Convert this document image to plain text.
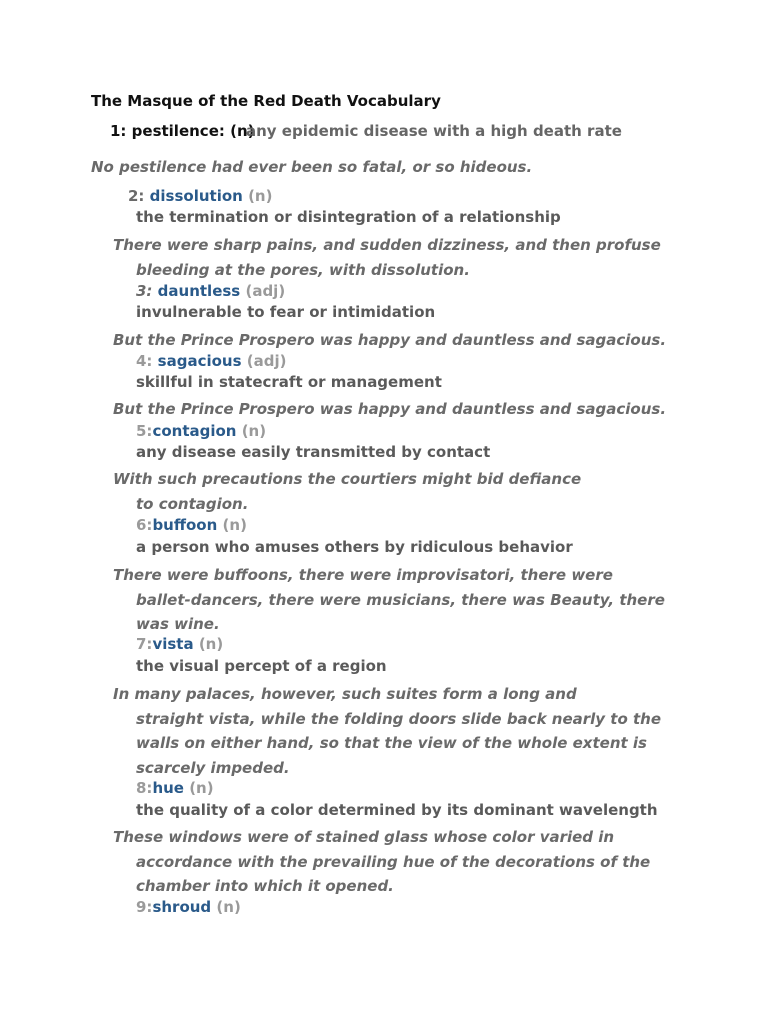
The Masque of the Red Death Vocabulary
1: pestilence: (n)
any epidemic disease with a high death rate
No pestilence had ever been so fatal, or so hideous.
2: dissolution (n)
the termination or disintegration of a relationship
There were sharp pains, and sudden dizziness, and then profuse
bleeding at the pores, with dissolution.
3: dauntless (adj)
invulnerable to fear or intimidation
But the Prince Prospero was happy and dauntless and sagacious.
4: sagacious (adj)
skillful in statecraft or management
But the Prince Prospero was happy and dauntless and sagacious.
5:contagion (n)
any disease easily transmitted by contact
With such precautions the courtiers might bid defiance
to contagion.
6:buffoon (n)
a person who amuses others by ridiculous behavior
There were buffoons, there were improvisatori, there were
ballet-dancers, there were musicians, there was Beauty, there
was wine.
7:vista (n)
the visual percept of a region
In many palaces, however, such suites form a long and
straight vista, while the folding doors slide back nearly to the
walls on either hand, so that the view of the whole extent is
scarcely impeded.
8:hue (n)
the quality of a color determined by its dominant wavelength
These windows were of stained glass whose color varied in
accordance with the prevailing hue of the decorations of the
chamber into which it opened.
9:shroud (n)
